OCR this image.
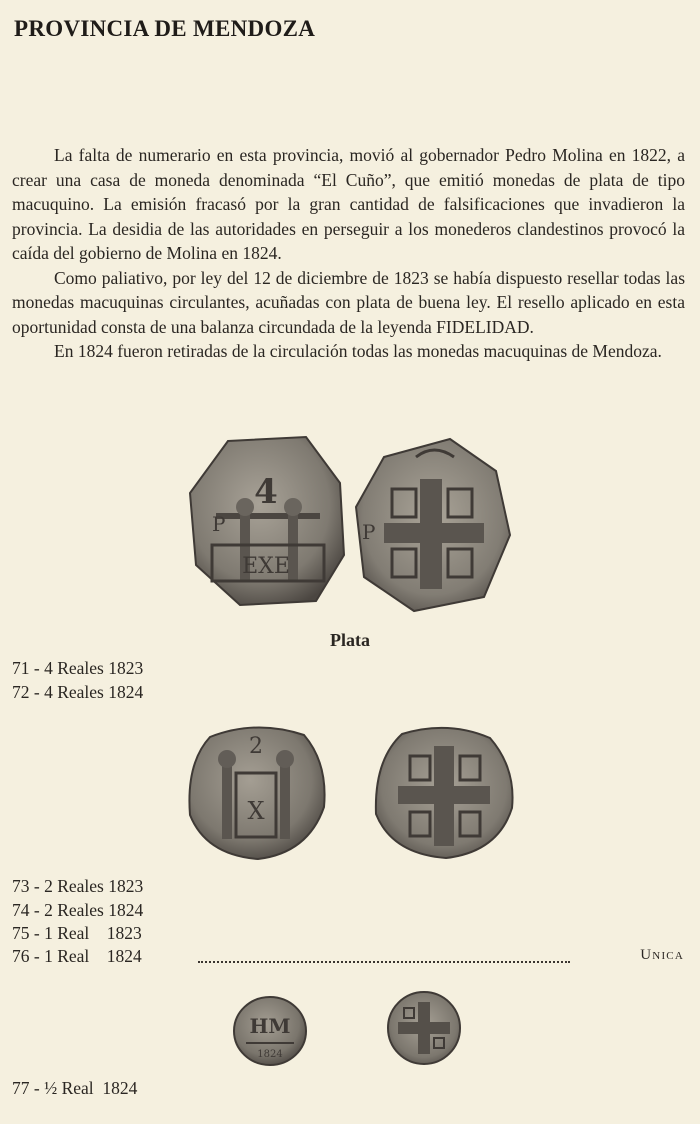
PROVINCIA DE MENDOZA

La falta de numerario en esta provincia, movió al gobernador Pedro Molina en 1822, a crear una casa de moneda denominada “El Cuño”, que emitió monedas de plata de tipo macuquino. La emisión fracasó por la gran cantidad de falsificaciones que invadieron la provincia. La desidia de las autoridades en perseguir a los monederos clandestinos provocó la caída del gobierno de Molina en 1824.

Como paliativo, por ley del 12 de diciembre de 1823 se había dispuesto resellar todas las monedas macuquinas circulantes, acuñadas con plata de buena ley. El resello aplicado en esta oportunidad consta de una balanza circundada de la leyenda FIDELIDAD.

En 1824 fueron retiradas de la circulación todas las monedas macuquinas de Mendoza.

4
EXE
P	P
Plata
71 - 4 Reales 1823
72 - 4 Reales 1824
2
X
73 - 2 Reales 1823
74 - 2 Reales 1824
75 - 1 Real    1823
76 - 1 Real    1824	Unica
HM
1824
77 - ½ Real  1824
